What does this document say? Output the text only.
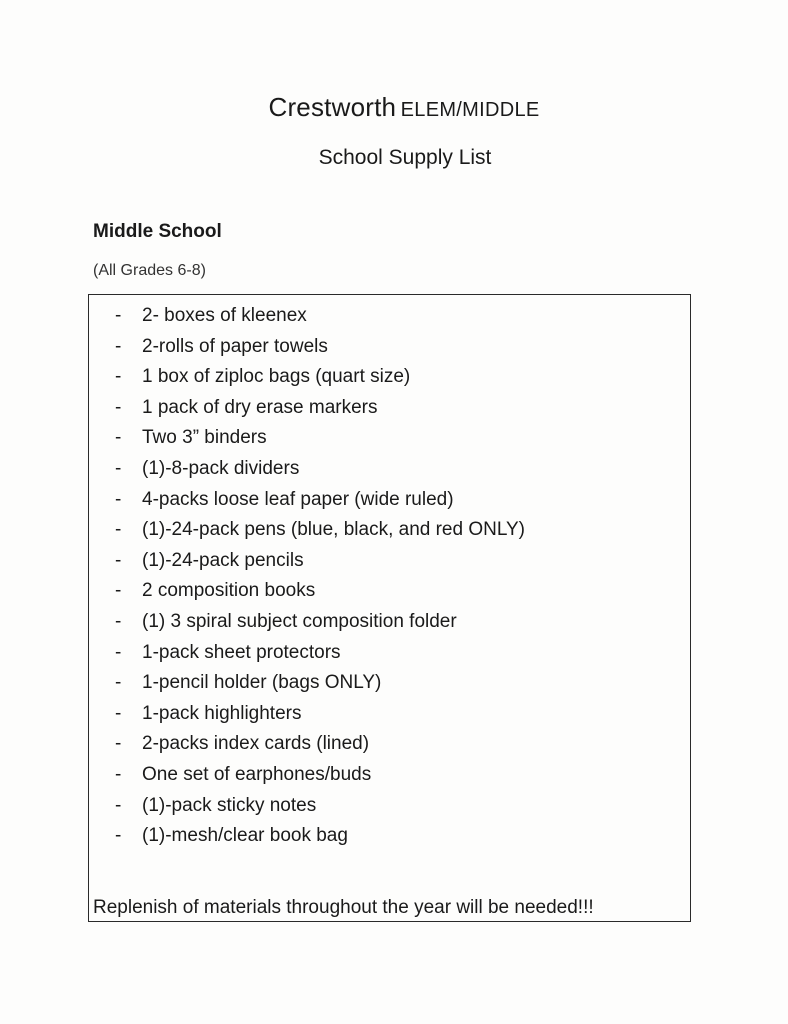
Crestworth ELEM/MIDDLE
School Supply List
Middle School
(All Grades 6-8)
-	2- boxes of kleenex
-	2-rolls of paper towels
-	1 box of ziploc bags (quart size)
-	1 pack of dry erase markers
-	Two 3” binders
-	(1)-8-pack dividers
-	4-packs loose leaf paper (wide ruled)
-	(1)-24-pack pens (blue, black, and red ONLY)
-	(1)-24-pack pencils
-	2 composition books
-	(1) 3 spiral subject composition folder
-	1-pack sheet protectors
-	1-pencil holder (bags ONLY)
-	1-pack highlighters
-	2-packs index cards (lined)
-	One set of earphones/buds
-	(1)-pack sticky notes
-	(1)-mesh/clear book bag
Replenish of materials throughout the year will be needed!!!
